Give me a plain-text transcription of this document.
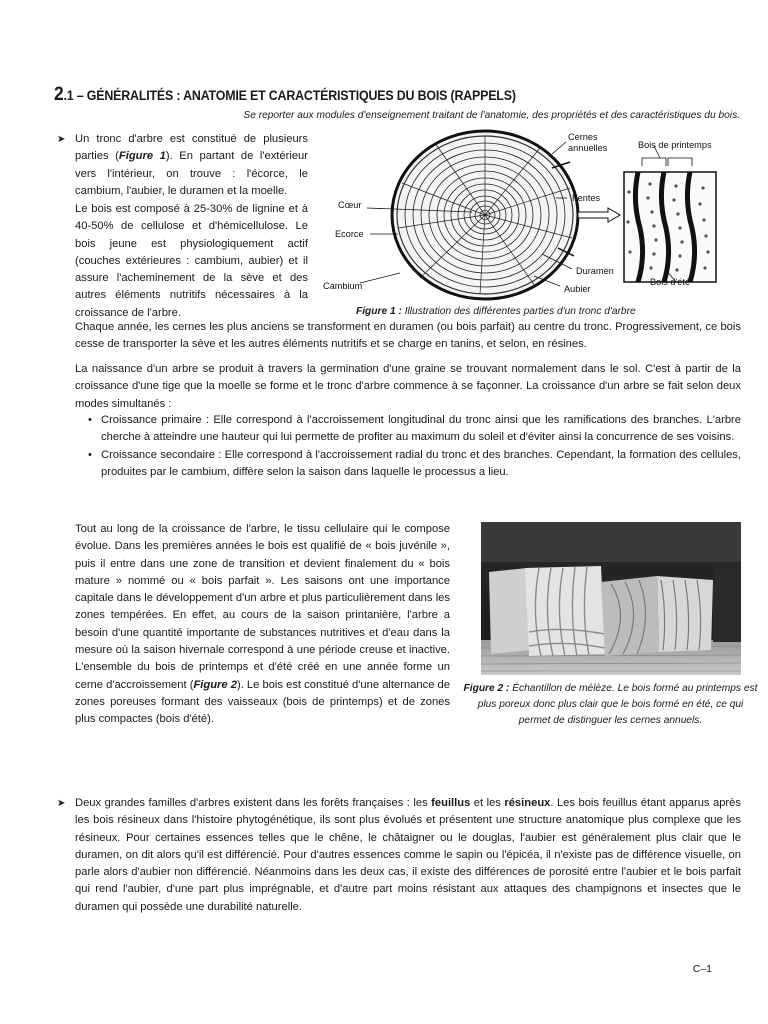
2.1 – GÉNÉRALITÉS : ANATOMIE ET CARACTÉRISTIQUES DU BOIS (RAPPELS)
Se reporter aux modules d'enseignement traitant de l'anatomie, des propriétés et des caractéristiques du bois.
➤ Un tronc d'arbre est constitué de plusieurs parties (Figure 1). En partant de l'extérieur vers l'intérieur, on trouve : l'écorce, le cambium, l'aubier, le duramen et la moelle.
Le bois est composé à 25-30% de lignine et à 40-50% de cellulose et d'hémicellulose. Le bois jeune est physiologiquement actif (couches extérieures : cambium, aubier) et il assure l'acheminement de la sève et des autres éléments nutritifs nécessaires à la croissance de l'arbre.
Cernes
annuelles	Bois de printemps
Fentes
Cœur
Ecorce
Duramen
Bois d'été
Cambium	Aubier
Figure 1 : Illustration des différentes parties d'un tronc d'arbre
Chaque année, les cernes les plus anciens se transforment en duramen (ou bois parfait) au centre du tronc. Progressivement, ce bois cesse de transporter la sève et les autres éléments nutritifs et se charge en tanins, et selon, en résines.
La naissance d'un arbre se produit à travers la germination d'une graine se trouvant normalement dans le sol. C'est à partir de la croissance d'une tige que la moelle se forme et le tronc d'arbre commence à se façonner. La croissance d'un arbre se fait selon deux modes simultanés :
• Croissance primaire : Elle correspond à l'accroissement longitudinal du tronc ainsi que les ramifications des branches. L'arbre cherche à atteindre une hauteur qui lui permette de profiter au maximum du soleil et d'éviter ainsi la concurrence de ses voisins.
• Croissance secondaire : Elle correspond à l'accroissement radial du tronc et des branches. Cependant, la formation des cellules, produites par le cambium, diffère selon la saison dans laquelle le processus a lieu.
Tout au long de la croissance de l'arbre, le tissu cellulaire qui le compose évolue. Dans les premières années le bois est qualifié de « bois juvénile », puis il entre dans une zone de transition et devient finalement du « bois mature » nommé ou « bois parfait ». Les saisons ont une importance capitale dans le développement d'un arbre et plus particulièrement dans les zones tempérées. En effet, au cours de la saison printanière, l'arbre a besoin d'une quantité importante de substances nutritives et d'eau dans la mesure où la saison hivernale correspond à une période creuse et inactive. L'ensemble du bois de printemps et d'été créé en une année forme un cerne d'accroissement (Figure 2). Le bois est constitué d'une alternance de zones poreuses formant des vaisseaux (bois de printemps) et de zones plus compactes (bois d'été).
Figure 2 : Échantillon de mélèze. Le bois formé au printemps est plus poreux donc plus clair que le bois formé en été, ce qui permet de distinguer les cernes annuels.
➤ Deux grandes familles d'arbres existent dans les forêts françaises : les feuillus et les résineux. Les bois feuillus étant apparus après les bois résineux dans l'histoire phytogénétique, ils sont plus évolués et présentent une structure anatomique plus complexe que les résineux. Pour certaines essences telles que le chêne, le châtaigner ou le douglas, l'aubier est généralement plus clair que le duramen, on dit alors qu'il est différencié. Pour d'autres essences comme le sapin ou l'épicéa, il n'existe pas de différence visuelle, on parle alors d'aubier non différencié. Néanmoins dans les deux cas, il existe des différences de porosité entre l'aubier et le bois parfait qui rend l'aubier, d'une part plus imprégnable, et d'autre part moins résistant aux attaques des champignons et insectes que le duramen qui possède une durabilité naturelle.
C–1
